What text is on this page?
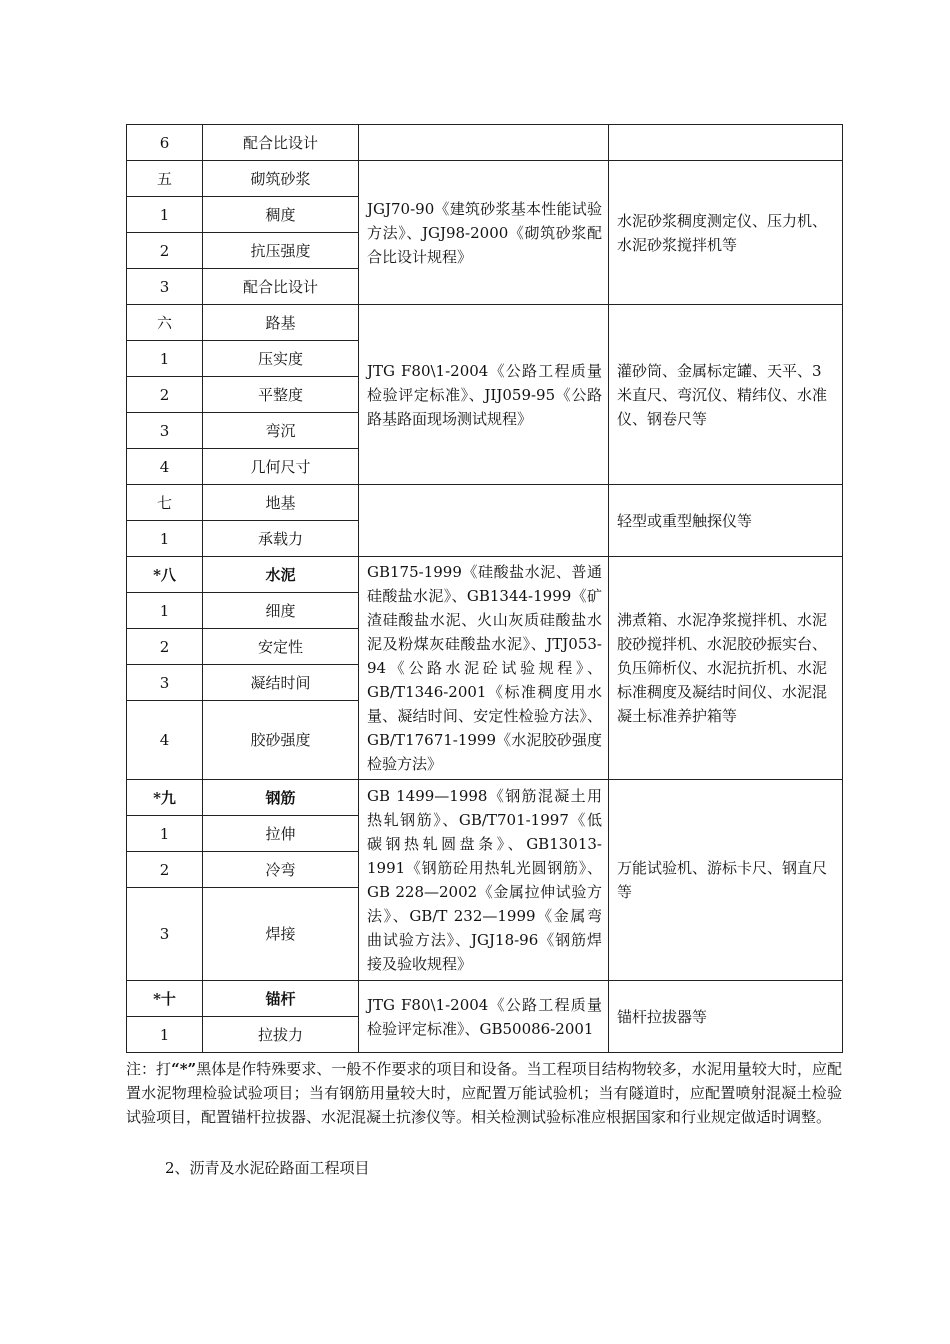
6	配合比设计		
五	砌筑砂浆	JGJ70-90《建筑砂浆基本性能试验方法》、JGJ98-2000《砌筑砂浆配合比设计规程》	水泥砂浆稠度测定仪、压力机、水泥砂浆搅拌机等
1	稠度		
2	抗压强度		
3	配合比设计		
六	路基	JTG F80\1-2004《公路工程质量检验评定标准》、JIJ059-95《公路路基路面现场测试规程》	灌砂筒、金属标定罐、天平、3米直尺、弯沉仪、精纬仪、水准仪、钢卷尺等
1	压实度		
2	平整度		
3	弯沉		
4	几何尺寸		
七	地基		轻型或重型触探仪等
1	承载力		
*八	水泥	GB175-1999《硅酸盐水泥、普通硅酸盐水泥》、GB1344-1999《矿渣硅酸盐水泥、火山灰质硅酸盐水泥及粉煤灰硅酸盐水泥》、JTJ053-94《公路水泥砼试验规程》、GB/T1346-2001《标准稠度用水量、凝结时间、安定性检验方法》、GB/T17671-1999《水泥胶砂强度检验方法》	沸煮箱、水泥净浆搅拌机、水泥胶砂搅拌机、水泥胶砂振实台、负压筛析仪、水泥抗折机、水泥标准稠度及凝结时间仪、水泥混凝土标准养护箱等
1	细度		
2	安定性		
3	凝结时间		
4	胶砂强度		
*九	钢筋	GB 1499—1998《钢筋混凝土用热轧钢筋》、GB/T701-1997《低碳钢热轧圆盘条》、GB13013-1991《钢筋砼用热轧光圆钢筋》、GB 228—2002《金属拉伸试验方法》、GB/T 232—1999《金属弯曲试验方法》、JGJ18-96《钢筋焊接及验收规程》	万能试验机、游标卡尺、钢直尺等
1	拉伸		
2	冷弯		
3	焊接		
*十	锚杆	JTG F80\1-2004《公路工程质量检验评定标准》、GB50086-2001	锚杆拉拔器等
1	拉拔力		
注：打“*”黑体是作特殊要求、一般不作要求的项目和设备。当工程项目结构物较多，水泥用量较大时，应配置水泥物理检验试验项目；当有钢筋用量较大时，应配置万能试验机；当有隧道时，应配置喷射混凝土检验试验项目，配置锚杆拉拔器、水泥混凝土抗渗仪等。相关检测试验标准应根据国家和行业规定做适时调整。
2、沥青及水泥砼路面工程项目
